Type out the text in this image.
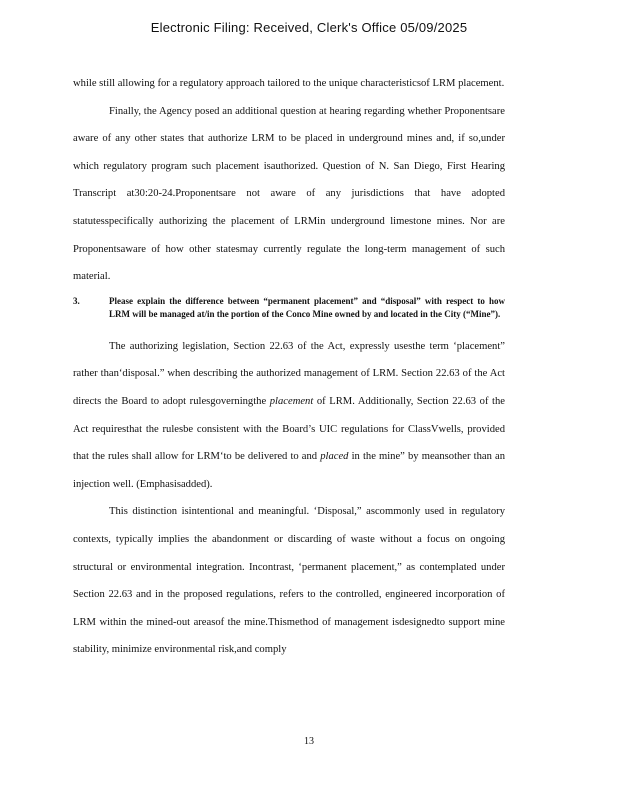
Electronic Filing: Received, Clerk's Office 05/09/2025

while still allowing for a regulatory approach tailored to the unique characteristicsof LRM placement.

Finally, the Agency posed an additional question at hearing regarding whether Proponentsare aware of any other states that authorize LRM to be placed in underground mines and, if so,under which regulatory program such placement isauthorized. Question of N. San Diego, First Hearing Transcript at30:20-24.Proponentsare not aware of any jurisdictions that have adopted statutesspecifically authorizing the placement of LRMin underground limestone mines. Nor are Proponentsaware of how other statesmay currently regulate the long-term management of such material.

3.	Please explain the difference between “permanent placement” and “disposal” with respect to how LRM will be managed at/in the portion of the Conco Mine owned by and located in the City (“Mine”).

The authorizing legislation, Section 22.63 of the Act, expressly usesthe term ‘placement” rather than‘disposal.” when describing the authorized management of LRM. Section 22.63 of the Act directs the Board to adopt rulesgoverningthe placement of LRM. Additionally, Section 22.63 of the Act requiresthat the rulesbe consistent with the Board’s UIC regulations for ClassVwells, provided that the rules shall allow for LRM‘to be delivered to and placed in the mine” by meansother than an injection well. (Emphasisadded).

This distinction isintentional and meaningful. ‘Disposal,” ascommonly used in regulatory contexts, typically implies the abandonment or discarding of waste without a focus on ongoing structural or environmental integration. Incontrast, ‘permanent placement,” as contemplated under Section 22.63 and in the proposed regulations, refers to the controlled, engineered incorporation of LRM within the mined-out areasof the mine.Thismethod of management isdesignedto support mine stability, minimize environmental risk,and comply

13
